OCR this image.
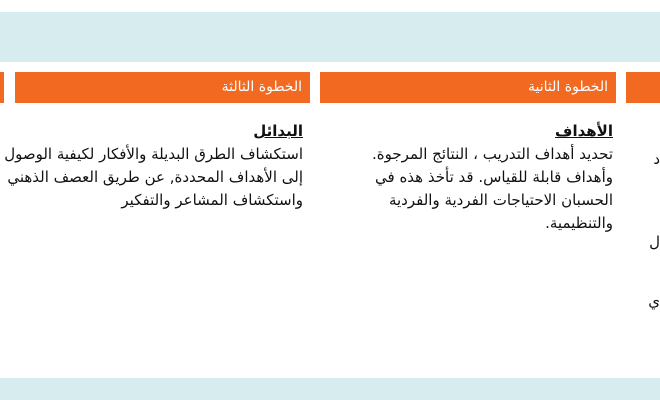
الخطوة الثالثة	الخطوة الثانية
البدائل
استكشاف الطرق البديلة والأفكار لكيفية الوصول إلى الأهداف المحددة, عن طريق العصف الذهني واستكشاف المشاعر والتفكير
الأهداف
تحديد أهداف التدريب ، النتائج المرجوة. وأهداف قابلة للقياس. قد تأخذ هذه في الحسبان الاحتياجات الفردية والفردية والتنظيمية.
د
ل
ي
